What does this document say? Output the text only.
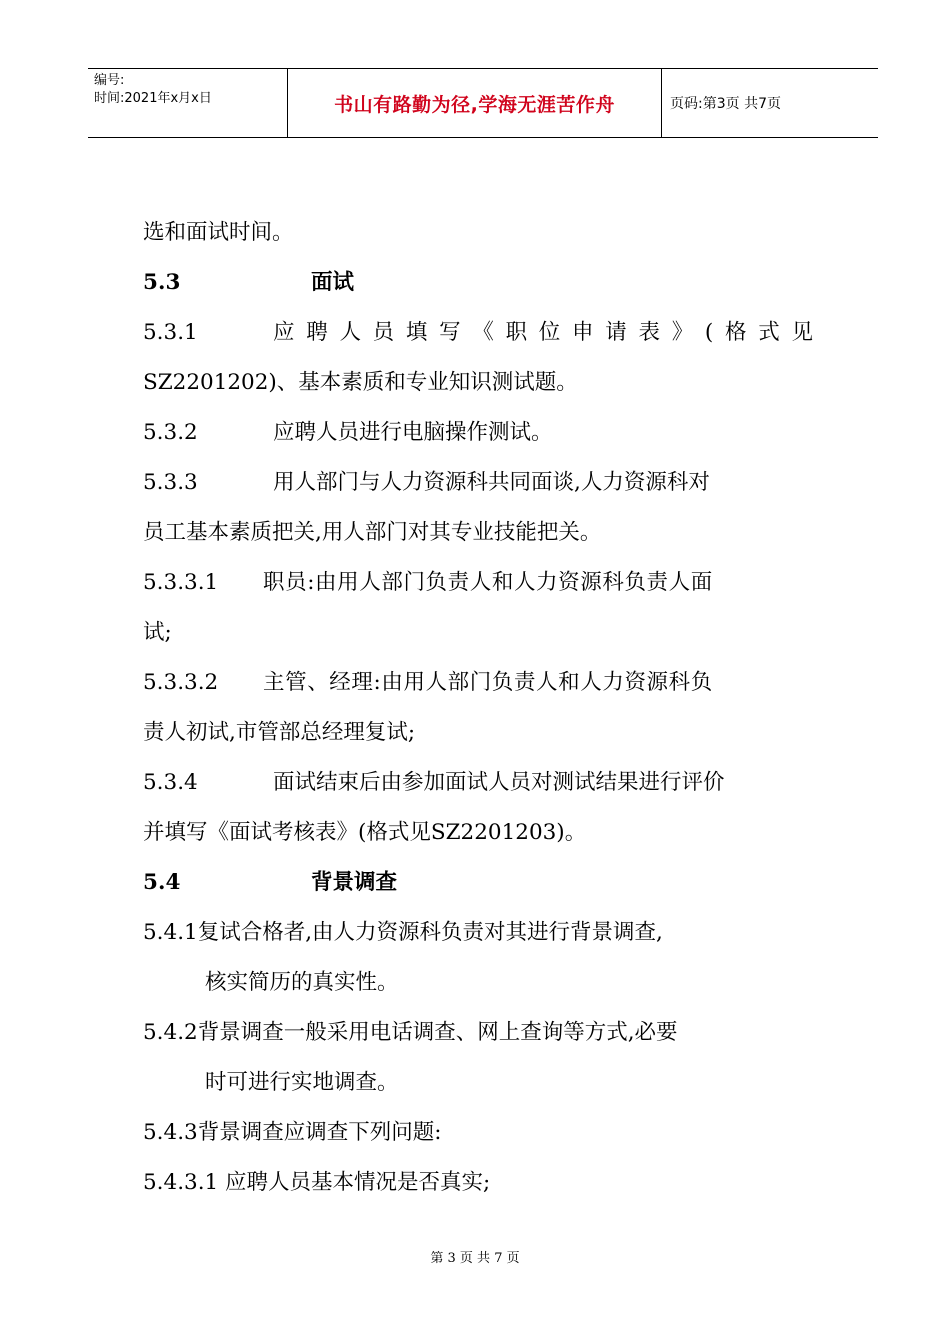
编号:
时间:2021年x月x日	书山有路勤为径,学海无涯苦作舟	页码:第3页 共7页
选和面试时间。
5.3	面试
5.3.1	应聘人员填写《职位申请表》(格式见
SZ2201202)、基本素质和专业知识测试题。
5.3.2	应聘人员进行电脑操作测试。
5.3.3	用人部门与人力资源科共同面谈,人力资源科对
员工基本素质把关,用人部门对其专业技能把关。
5.3.3.1 职员:由用人部门负责人和人力资源科负责人面
试;
5.3.3.2 主管、经理:由用人部门负责人和人力资源科负
责人初试,市管部总经理复试;
5.3.4	面试结束后由参加面试人员对测试结果进行评价
并填写《面试考核表》(格式见SZ2201203)。
5.4	背景调查
5.4.1复试合格者,由人力资源科负责对其进行背景调查,
核实简历的真实性。
5.4.2背景调查一般采用电话调查、网上查询等方式,必要
时可进行实地调查。
5.4.3背景调查应调查下列问题:
5.4.3.1 应聘人员基本情况是否真实;
第 3 页 共 7 页
